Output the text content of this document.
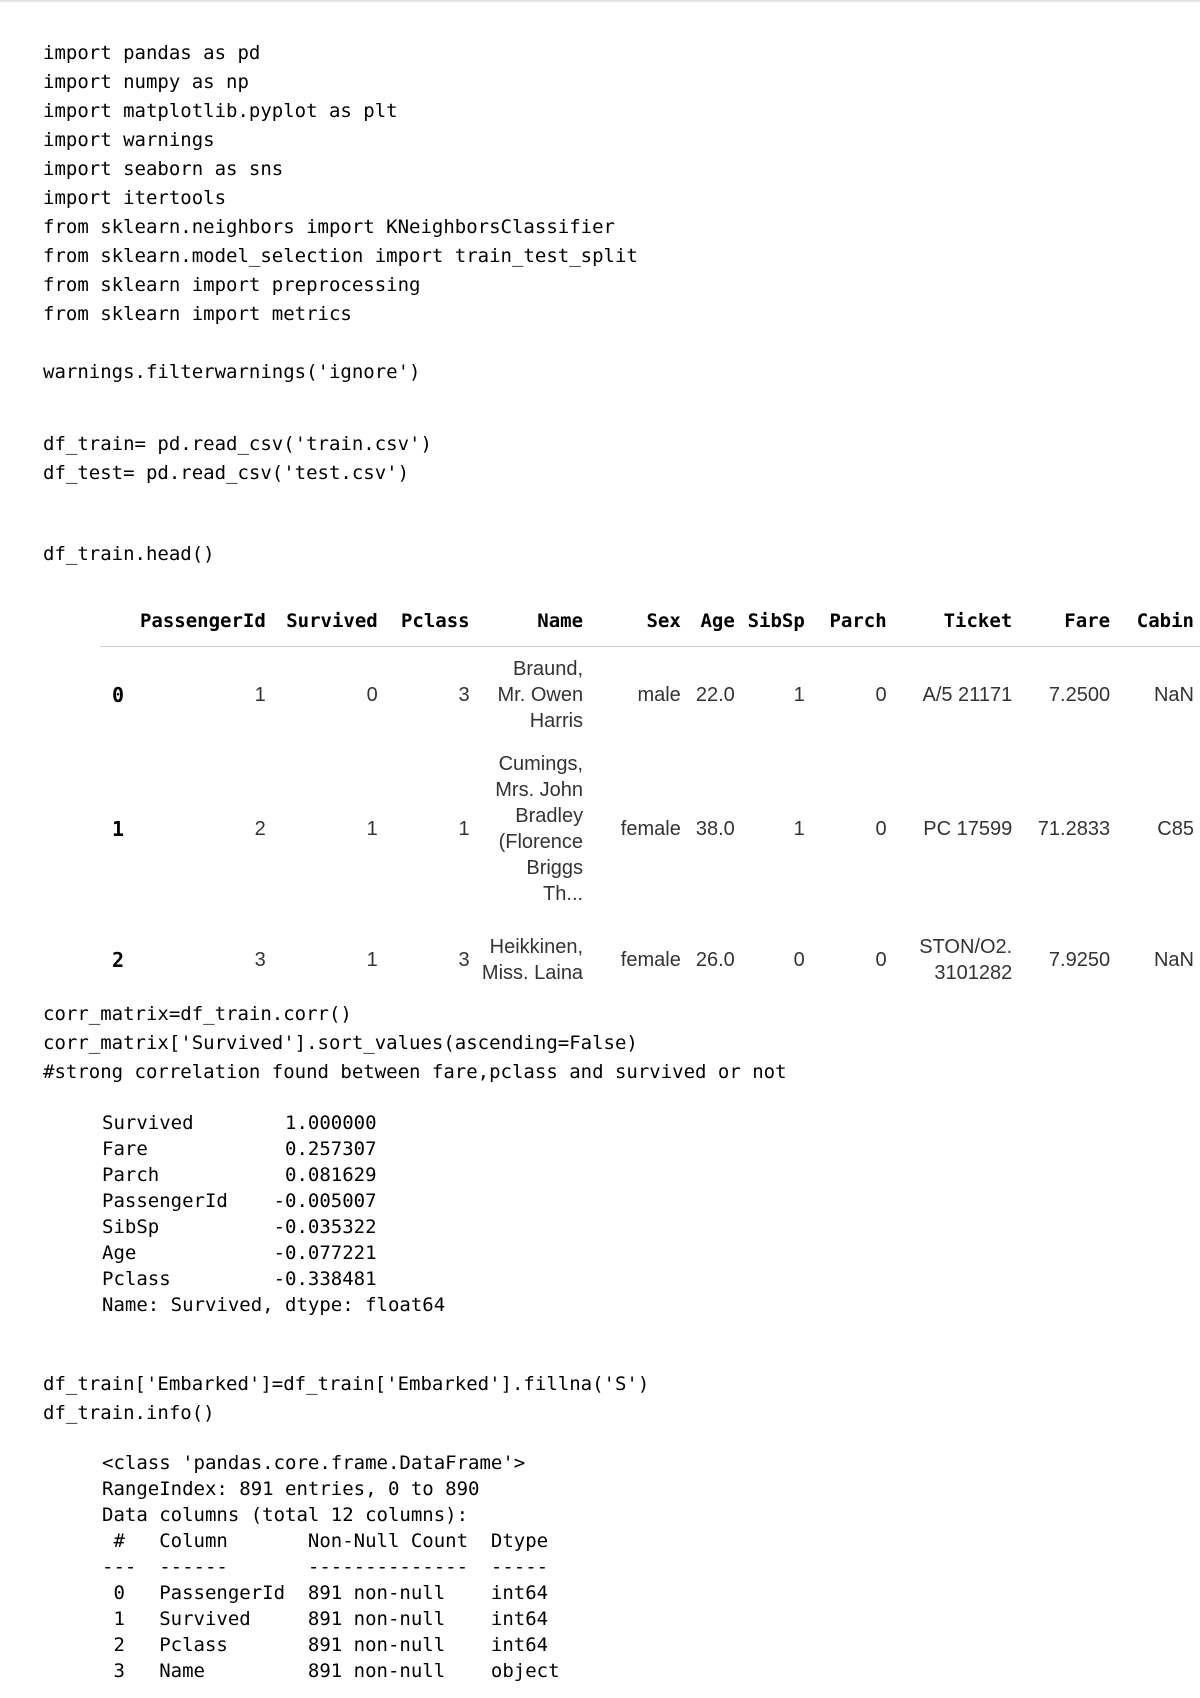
import pandas as pd
import numpy as np
import matplotlib.pyplot as plt
import warnings
import seaborn as sns
import itertools
from sklearn.neighbors import KNeighborsClassifier
from sklearn.model_selection import train_test_split
from sklearn import preprocessing
from sklearn import metrics

warnings.filterwarnings('ignore')
df_train= pd.read_csv('train.csv')
df_test= pd.read_csv('test.csv')
df_train.head()
	PassengerId	Survived	Pclass	Name	Sex	Age	SibSp	Parch	Ticket	Fare	Cabin
0	1	0	3	Braund, Mr. Owen Harris	male	22.0	1	0	A/5 21171	7.2500	NaN
1	2	1	1	Cumings, Mrs. John Bradley (Florence Briggs Th...	female	38.0	1	0	PC 17599	71.2833	C85
2	3	1	3	Heikkinen, Miss. Laina	female	26.0	0	0	STON/O2. 3101282	7.9250	NaN
corr_matrix=df_train.corr()
corr_matrix['Survived'].sort_values(ascending=False)
#strong correlation found between fare,pclass and survived or not
Survived        1.000000
Fare            0.257307
Parch           0.081629
PassengerId    -0.005007
SibSp          -0.035322
Age            -0.077221
Pclass         -0.338481
Name: Survived, dtype: float64
df_train['Embarked']=df_train['Embarked'].fillna('S')
df_train.info()
<class 'pandas.core.frame.DataFrame'>
RangeIndex: 891 entries, 0 to 890
Data columns (total 12 columns):
#   Column       Non-Null Count  Dtype
---  ------       --------------  -----
0   PassengerId  891 non-null    int64
1   Survived     891 non-null    int64
2   Pclass       891 non-null    int64
3   Name         891 non-null    object
